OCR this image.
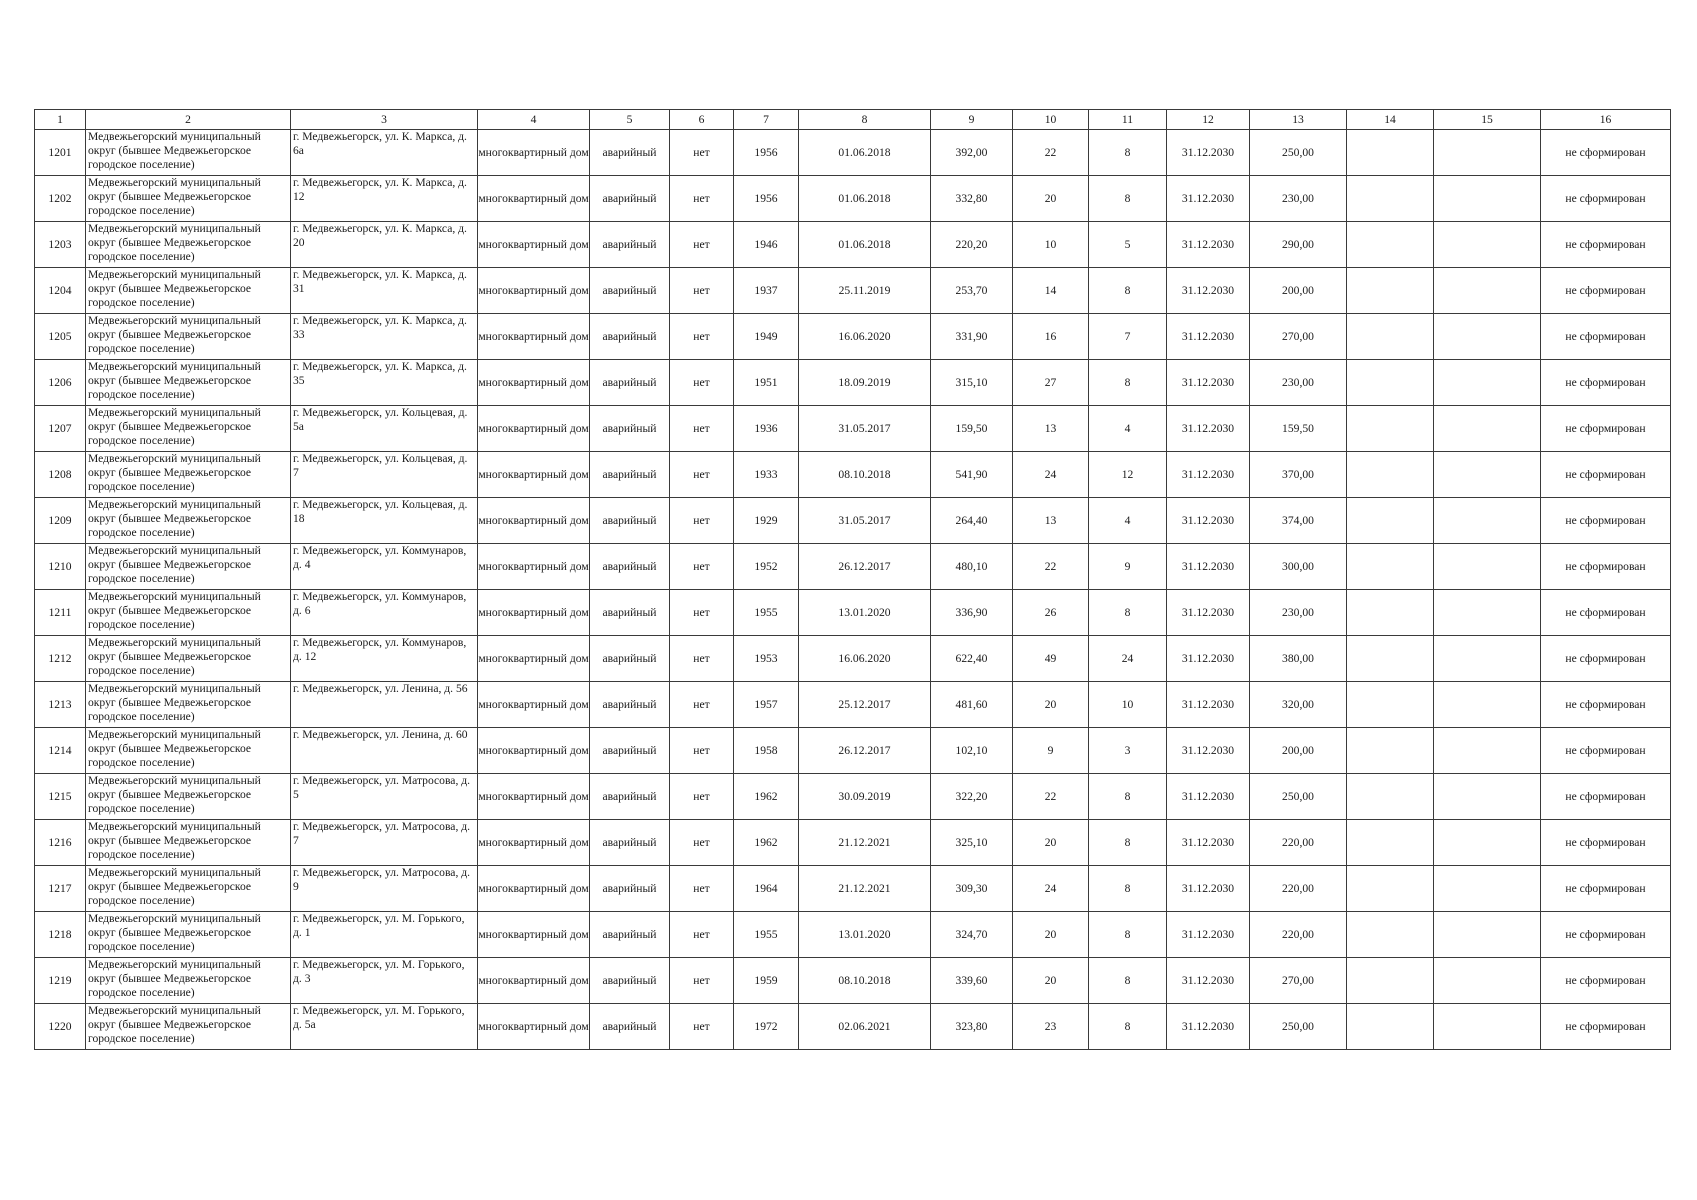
1	2	3	4	5	6	7	8	9	10	11	12	13	14	15	16
1201	Медвежьегорский муниципальный округ (бывшее Медвежьегорское городское поселение)	г. Медвежьегорск, ул. К. Маркса, д. 6а	многоквартирный дом	аварийный	нет	1956	01.06.2018	392,00	22	8	31.12.2030	250,00			не сформирован
1202	Медвежьегорский муниципальный округ (бывшее Медвежьегорское городское поселение)	г. Медвежьегорск, ул. К. Маркса, д. 12	многоквартирный дом	аварийный	нет	1956	01.06.2018	332,80	20	8	31.12.2030	230,00			не сформирован
1203	Медвежьегорский муниципальный округ (бывшее Медвежьегорское городское поселение)	г. Медвежьегорск, ул. К. Маркса, д. 20	многоквартирный дом	аварийный	нет	1946	01.06.2018	220,20	10	5	31.12.2030	290,00			не сформирован
1204	Медвежьегорский муниципальный округ (бывшее Медвежьегорское городское поселение)	г. Медвежьегорск, ул. К. Маркса, д. 31	многоквартирный дом	аварийный	нет	1937	25.11.2019	253,70	14	8	31.12.2030	200,00			не сформирован
1205	Медвежьегорский муниципальный округ (бывшее Медвежьегорское городское поселение)	г. Медвежьегорск, ул. К. Маркса, д. 33	многоквартирный дом	аварийный	нет	1949	16.06.2020	331,90	16	7	31.12.2030	270,00			не сформирован
1206	Медвежьегорский муниципальный округ (бывшее Медвежьегорское городское поселение)	г. Медвежьегорск, ул. К. Маркса, д. 35	многоквартирный дом	аварийный	нет	1951	18.09.2019	315,10	27	8	31.12.2030	230,00			не сформирован
1207	Медвежьегорский муниципальный округ (бывшее Медвежьегорское городское поселение)	г. Медвежьегорск, ул. Кольцевая, д. 5а	многоквартирный дом	аварийный	нет	1936	31.05.2017	159,50	13	4	31.12.2030	159,50			не сформирован
1208	Медвежьегорский муниципальный округ (бывшее Медвежьегорское городское поселение)	г. Медвежьегорск, ул. Кольцевая, д. 7	многоквартирный дом	аварийный	нет	1933	08.10.2018	541,90	24	12	31.12.2030	370,00			не сформирован
1209	Медвежьегорский муниципальный округ (бывшее Медвежьегорское городское поселение)	г. Медвежьегорск, ул. Кольцевая, д. 18	многоквартирный дом	аварийный	нет	1929	31.05.2017	264,40	13	4	31.12.2030	374,00			не сформирован
1210	Медвежьегорский муниципальный округ (бывшее Медвежьегорское городское поселение)	г. Медвежьегорск, ул. Коммунаров, д. 4	многоквартирный дом	аварийный	нет	1952	26.12.2017	480,10	22	9	31.12.2030	300,00			не сформирован
1211	Медвежьегорский муниципальный округ (бывшее Медвежьегорское городское поселение)	г. Медвежьегорск, ул. Коммунаров, д. 6	многоквартирный дом	аварийный	нет	1955	13.01.2020	336,90	26	8	31.12.2030	230,00			не сформирован
1212	Медвежьегорский муниципальный округ (бывшее Медвежьегорское городское поселение)	г. Медвежьегорск, ул. Коммунаров, д. 12	многоквартирный дом	аварийный	нет	1953	16.06.2020	622,40	49	24	31.12.2030	380,00			не сформирован
1213	Медвежьегорский муниципальный округ (бывшее Медвежьегорское городское поселение)	г. Медвежьегорск, ул. Ленина, д. 56	многоквартирный дом	аварийный	нет	1957	25.12.2017	481,60	20	10	31.12.2030	320,00			не сформирован
1214	Медвежьегорский муниципальный округ (бывшее Медвежьегорское городское поселение)	г. Медвежьегорск, ул. Ленина, д. 60	многоквартирный дом	аварийный	нет	1958	26.12.2017	102,10	9	3	31.12.2030	200,00			не сформирован
1215	Медвежьегорский муниципальный округ (бывшее Медвежьегорское городское поселение)	г. Медвежьегорск, ул. Матросова, д. 5	многоквартирный дом	аварийный	нет	1962	30.09.2019	322,20	22	8	31.12.2030	250,00			не сформирован
1216	Медвежьегорский муниципальный округ (бывшее Медвежьегорское городское поселение)	г. Медвежьегорск, ул. Матросова, д. 7	многоквартирный дом	аварийный	нет	1962	21.12.2021	325,10	20	8	31.12.2030	220,00			не сформирован
1217	Медвежьегорский муниципальный округ (бывшее Медвежьегорское городское поселение)	г. Медвежьегорск, ул. Матросова, д. 9	многоквартирный дом	аварийный	нет	1964	21.12.2021	309,30	24	8	31.12.2030	220,00			не сформирован
1218	Медвежьегорский муниципальный округ (бывшее Медвежьегорское городское поселение)	г. Медвежьегорск, ул. М. Горького, д. 1	многоквартирный дом	аварийный	нет	1955	13.01.2020	324,70	20	8	31.12.2030	220,00			не сформирован
1219	Медвежьегорский муниципальный округ (бывшее Медвежьегорское городское поселение)	г. Медвежьегорск, ул. М. Горького, д. 3	многоквартирный дом	аварийный	нет	1959	08.10.2018	339,60	20	8	31.12.2030	270,00			не сформирован
1220	Медвежьегорский муниципальный округ (бывшее Медвежьегорское городское поселение)	г. Медвежьегорск, ул. М. Горького, д. 5а	многоквартирный дом	аварийный	нет	1972	02.06.2021	323,80	23	8	31.12.2030	250,00			не сформирован
